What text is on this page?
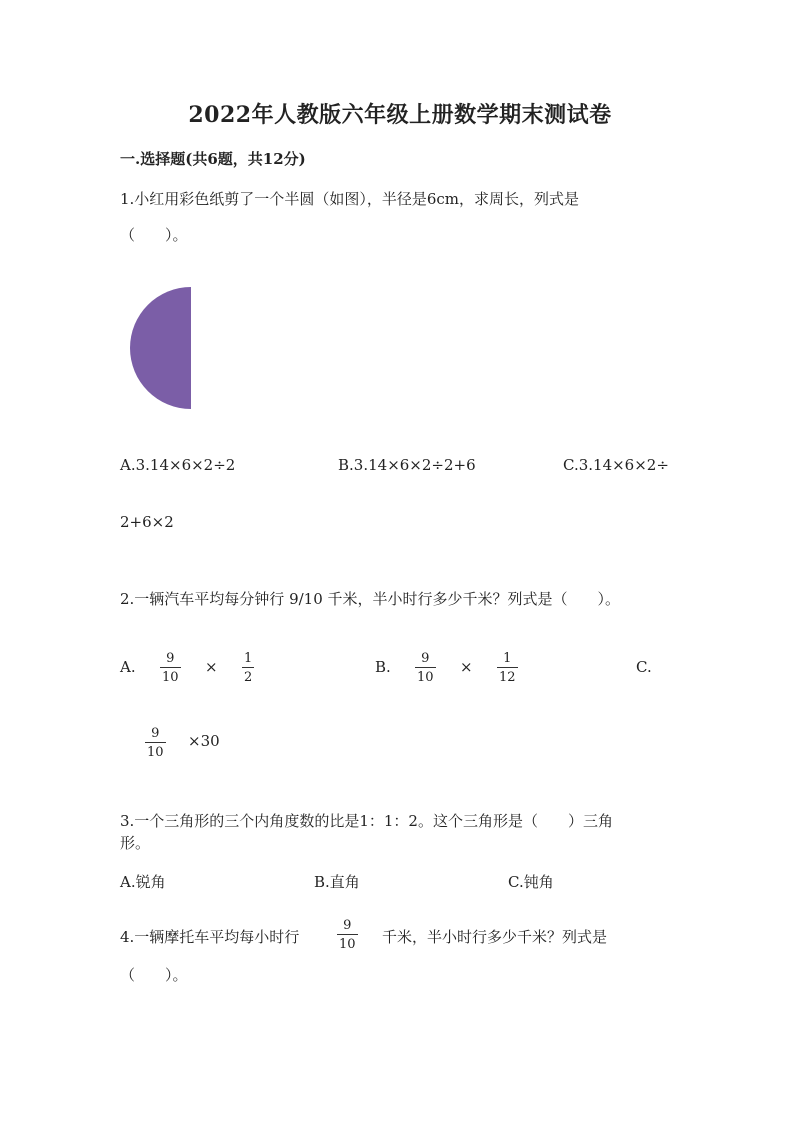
2022年人教版六年级上册数学期末测试卷
一.选择题(共6题，共12分)
1.小红用彩色纸剪了一个半圆（如图），半径是6cm，求周长，列式是
（　　）。
A.3.14×6×2÷2	B.3.14×6×2÷2+6	C.3.14×6×2÷
2+6×2
2.一辆汽车平均每分钟行 9/10 千米，半小时行多少千米？列式是（　　）。
A. 9
10
× 1
2
B. 9
10
× 1
12
C.
9
10
×30
3.一个三角形的三个内角度数的比是1：1：2。这个三角形是（　　）三角
形。
A.锐角	B.直角	C.钝角
4.一辆摩托车平均每小时行
9
10 千米，半小时行多少千米？列式是
（　　）。
